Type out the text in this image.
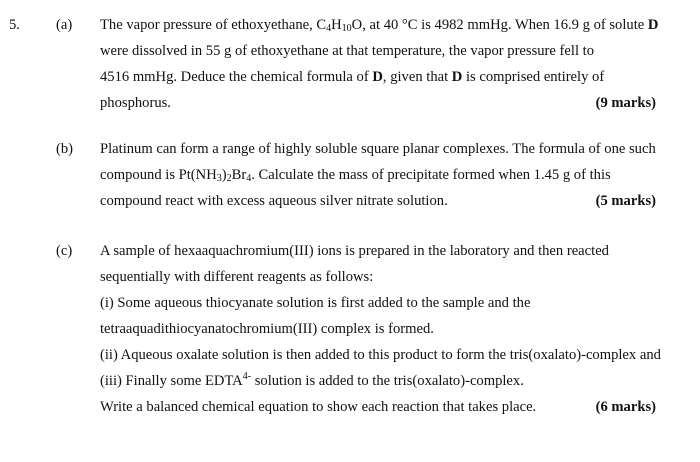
5. (a) The vapor pressure of ethoxyethane, $C_4H_{10}O$, at 40 °C is 4982 mmHg. When 16.9 g of solute D
were dissolved in 55 g of ethoxyethane at that temperature, the vapor pressure fell to
4516 mmHg. Deduce the chemical formula of D, given that D is comprised entirely of
phosphorus.	(9 marks)
(b) Platinum can form a range of highly soluble square planar complexes. The formula of one such
compound is $Pt(NH_3)_2Br_4$. Calculate the mass of precipitate formed when 1.45 g of this
compound react with excess aqueous silver nitrate solution.	(5 marks)
(c) A sample of hexaaquachromium(III) ions is prepared in the laboratory and then reacted
sequentially with different reagents as follows:
(i) Some aqueous thiocyanate solution is first added to the sample and the
tetraaquadithiocyanatochromium(III) complex is formed.
(ii) Aqueous oxalate solution is then added to this product to form the tris(oxalato)-complex and
(iii) Finally some $EDTA^{4-}$ solution is added to the tris(oxalato)-complex.
Write a balanced chemical equation to show each reaction that takes place.	(6 marks)
